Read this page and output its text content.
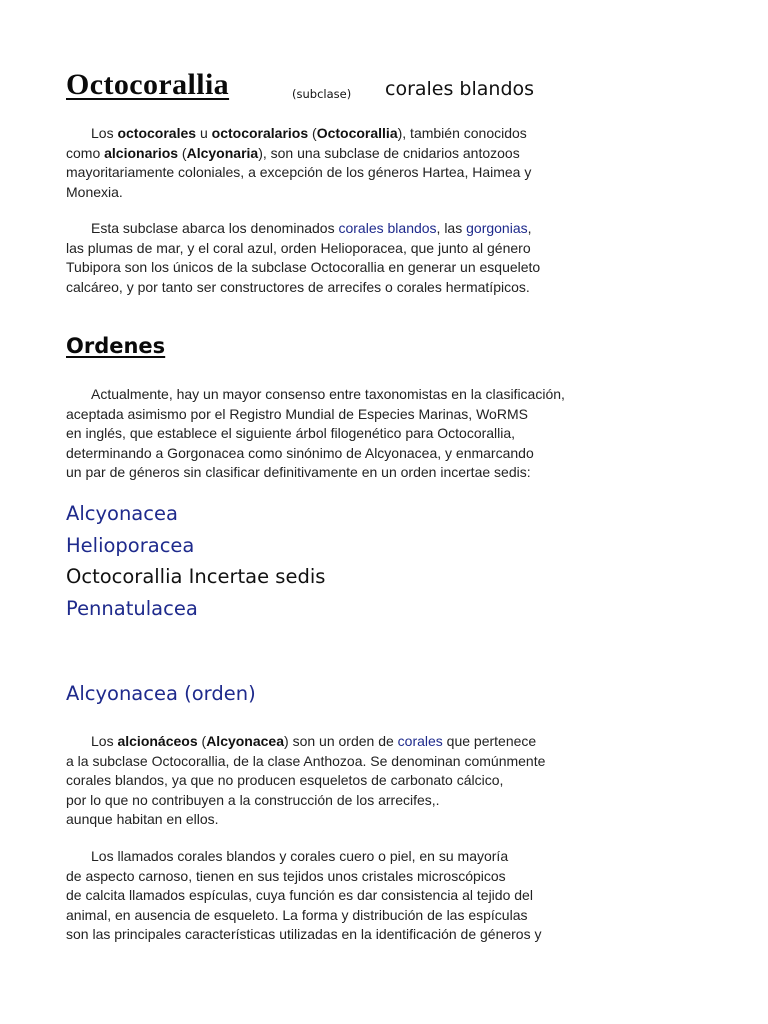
Octocorallia	(subclase) corales blandos
Los octocorales u octocoralarios (Octocorallia), también conocidos
como alcionarios (Alcyonaria), son una subclase de cnidarios antozoos
mayoritariamente coloniales, a excepción de los géneros Hartea, Haimea y
Monexia.
Esta subclase abarca los denominados corales blandos, las gorgonias,
las plumas de mar, y el coral azul, orden Helioporacea, que junto al género
Tubipora son los únicos de la subclase Octocorallia en generar un esqueleto
calcáreo, y por tanto ser constructores de arrecifes o corales hermatípicos.
Ordenes
Actualmente, hay un mayor consenso entre taxonomistas en la clasificación,
aceptada asimismo por el Registro Mundial de Especies Marinas, WoRMS
en inglés, que establece el siguiente árbol filogenético para Octocorallia,
determinando a Gorgonacea como sinónimo de Alcyonacea, y enmarcando
un par de géneros sin clasificar definitivamente en un orden incertae sedis:
Alcyonacea
Helioporacea
Octocorallia Incertae sedis
Pennatulacea
Alcyonacea (orden)
Los alcionáceos (Alcyonacea) son un orden de corales que pertenece
a la subclase Octocorallia, de la clase Anthozoa. Se denominan comúnmente
corales blandos, ya que no producen esqueletos de carbonato cálcico,
por lo que no contribuyen a la construcción de los arrecifes,.
aunque habitan en ellos.
Los llamados corales blandos y corales cuero o piel, en su mayoría
de aspecto carnoso, tienen en sus tejidos unos cristales microscópicos
de calcita llamados espículas, cuya función es dar consistencia al tejido del
animal, en ausencia de esqueleto. La forma y distribución de las espículas
son las principales características utilizadas en la identificación de géneros y
